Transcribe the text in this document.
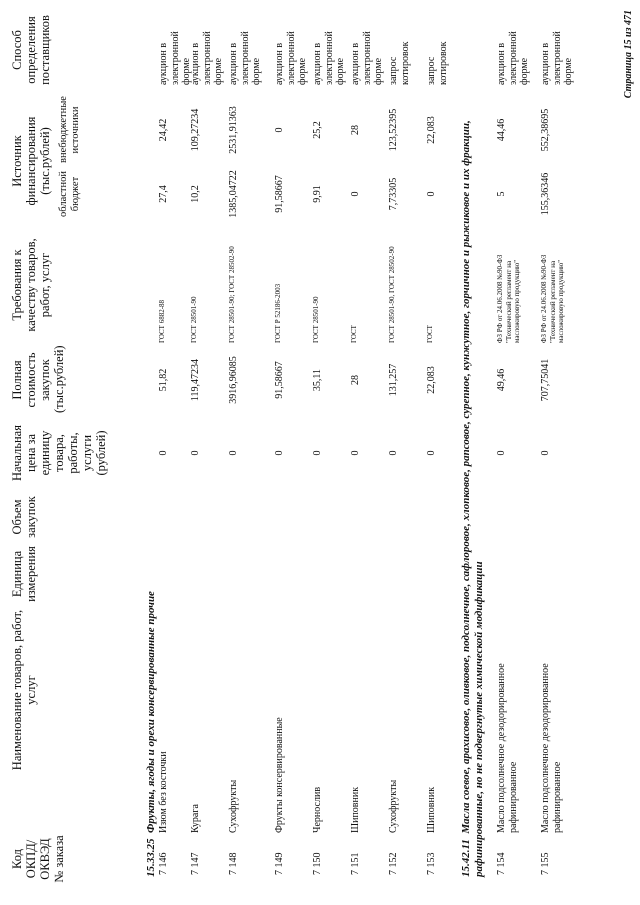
Код ОКПД/ ОКВЭД № заказа
Наименование товаров, работ, услуг
Единица измерения
Объем закупок
Начальная цена за единицу товара, работы, услуги (рублей)
Полная стоимость закупок (тыс.рублей)
Требования к качеству товаров, работ, услуг
Источник финансирования (тыс.рублей) областной бюджет
внебюджетные источники
Способ определения поставщиков
15.33.25  Фрукты, ягоды и орехи консервированные прочие
7 146
Изюм без косточки
0
51,82
ГОСТ 6882-88
27,4
24,42
аукцион в электронной форме
7 147
Курага
0
119,47234
ГОСТ 28501-90
10,2
109,27234
аукцион в электронной форме
7 148
Сухофрукты
0
3916,96085
ГОСТ 28501-90; ГОСТ 28502-90
1385,04722
2531,91363
аукцион в электронной форме
7 149
Фрукты консервированные
0
91,58667
ГОСТ Р 52186-2003
91,58667
0
аукцион в электронной форме
7 150
Чернослив
0
35,11
ГОСТ 28501-90
9,91
25,2
аукцион в электронной форме
7 151
Шиповник
0
28
ГОСТ
0
28
аукцион в электронной форме
7 152
Сухофрукты
0
131,257
ГОСТ 28501-90, ГОСТ 28502-90
7,73305
123,52395
запрос котировок
7 153
Шиповник
0
22,083
ГОСТ
0
22,083
запрос котировок
15.42.11  Масла соевое, арахисовое, оливковое, подсолнечное, сафлоровое, хлопковое, рапсовое, сурепное, кунжутное, горчичное и рыжиковое и их фракции, рафинированные, но не подвергнутые химической модификации 7 154
Масло подсолнечное дезодорированное рафинированное
0
49,46
ФЗ РФ от 24.06.2008 №90-ФЗ "Технический регламент на масложировую продукцию"
5
44,46
аукцион в электронной форме
7 155
Масло подсолнечное дезодорированное рафинированное
0
707,75041
ФЗ РФ от 24.06.2008 №90-ФЗ "Технический регламент на масложировую продукцию"
155,36346
552,38695
аукцион в электронной форме	Страница 15 из 471
